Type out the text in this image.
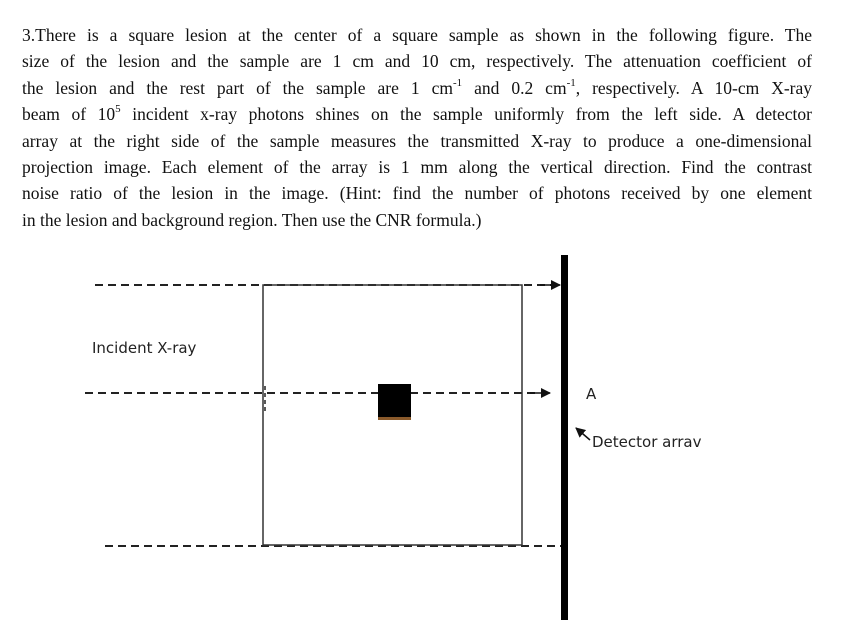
3.There is a square lesion at the center of a square sample as shown in the following figure. The
size of the lesion and the sample are 1 cm and 10 cm, respectively. The attenuation coefficient of
the lesion and the rest part of the sample are 1 $cm^{-1}$ and 0.2 $cm^{-1}$, respectively. A 10-cm X-ray
beam of $10^5$ incident x-ray photons shines on the sample uniformly from the left side. A detector
array at the right side of the sample measures the transmitted X-ray to produce a one-dimensional
projection image. Each element of the array is 1 mm along the vertical direction. Find the contrast
noise ratio of the lesion in the image. (Hint: find the number of photons received by one element
in the lesion and background region. Then use the CNR formula.)
Incident X-ray
A
Detector arrav
